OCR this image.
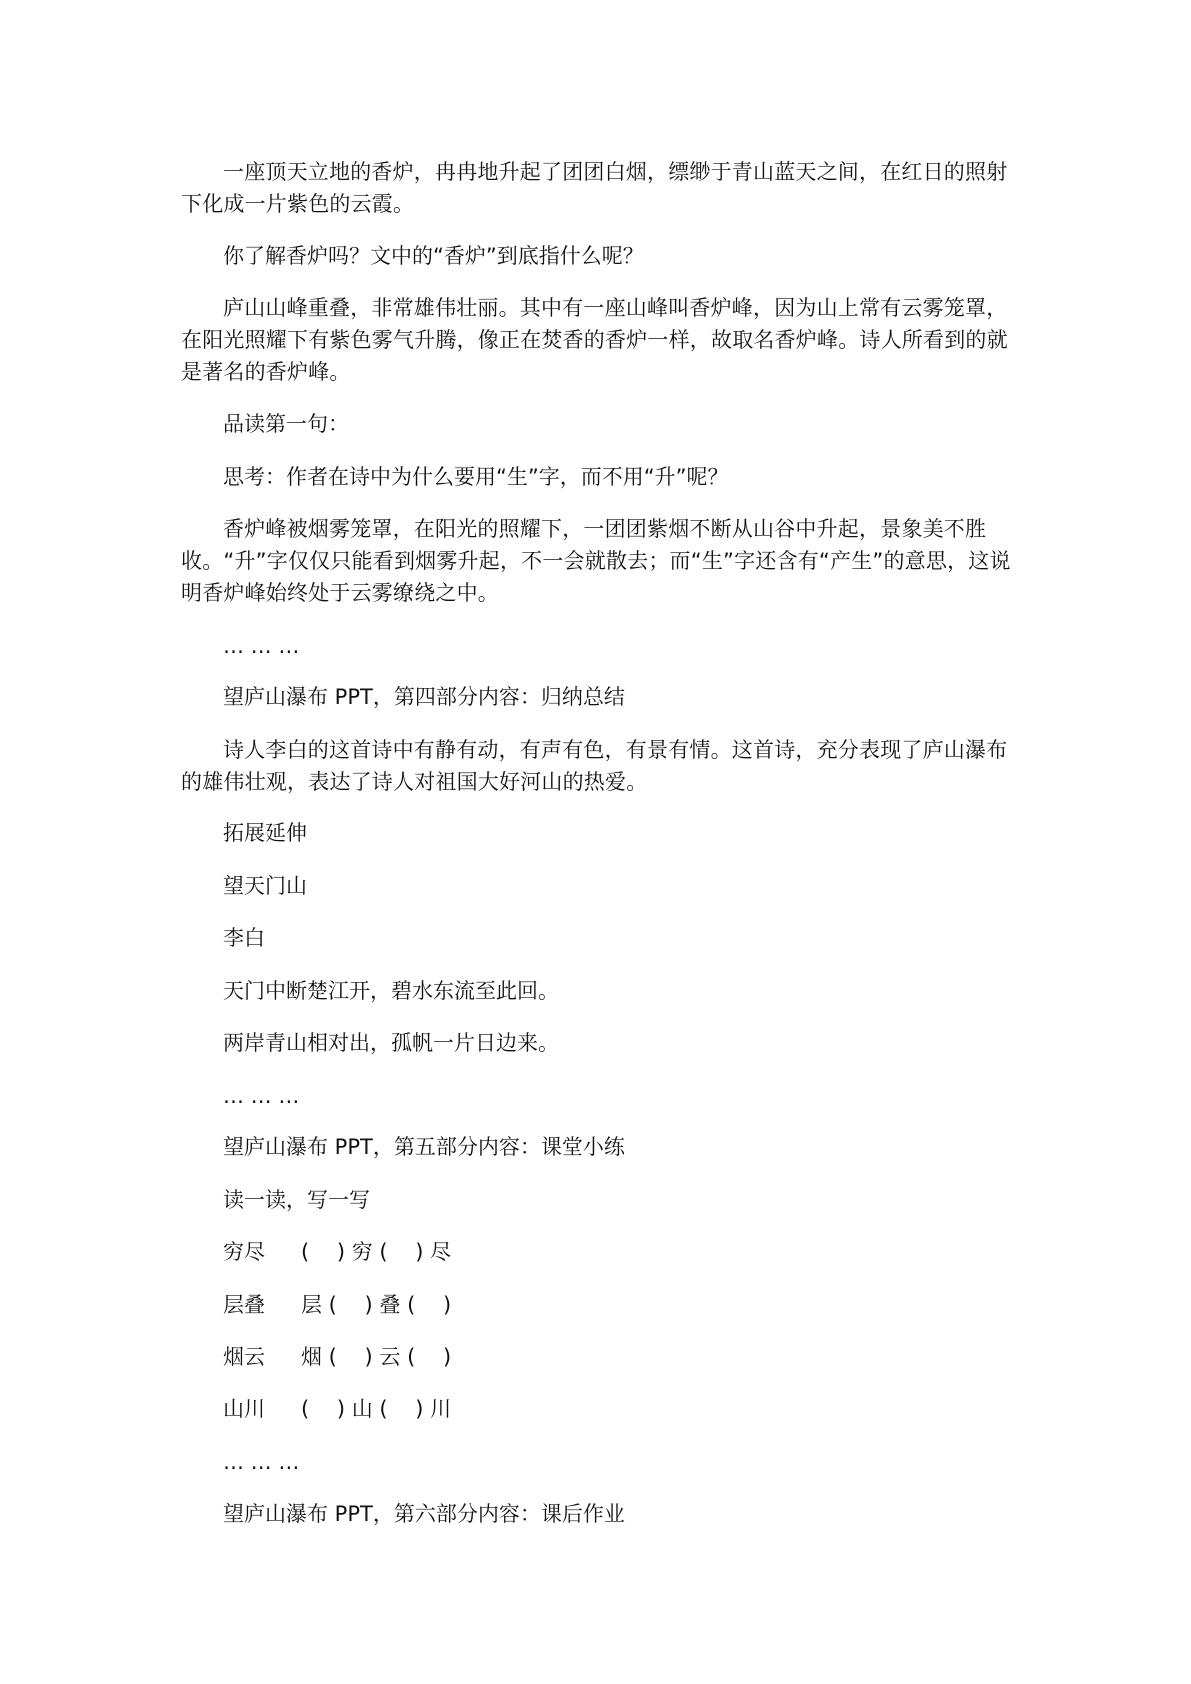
一座顶天立地的香炉，冉冉地升起了团团白烟，缥缈于青山蓝天之间，在红日的照射下化成一片紫色的云霞。

你了解香炉吗？文中的“香炉”到底指什么呢？

庐山山峰重叠，非常雄伟壮丽。其中有一座山峰叫香炉峰，因为山上常有云雾笼罩，在阳光照耀下有紫色雾气升腾，像正在焚香的香炉一样，故取名香炉峰。诗人所看到的就是著名的香炉峰。

品读第一句：

思考：作者在诗中为什么要用“生”字，而不用“升”呢？

香炉峰被烟雾笼罩，在阳光的照耀下，一团团紫烟不断从山谷中升起，景象美不胜收。“升”字仅仅只能看到烟雾升起，不一会就散去；而“生”字还含有“产生”的意思，这说明香炉峰始终处于云雾缭绕之中。

… … …

望庐山瀑布 PPT，第四部分内容：归纳总结

诗人李白的这首诗中有静有动，有声有色，有景有情。这首诗，充分表现了庐山瀑布的雄伟壮观，表达了诗人对祖国大好河山的热爱。

拓展延伸

望天门山

李白

天门中断楚江开，碧水东流至此回。

两岸青山相对出，孤帆一片日边来。

… … …

望庐山瀑布 PPT，第五部分内容：课堂小练

读一读，写一写

穷尽 (　 ) 穷 (　 ) 尽

层叠 层 (　 ) 叠 (　 )

烟云 烟 (　 ) 云 (　 )

山川 (　 ) 山 (　 ) 川

… … …

望庐山瀑布 PPT，第六部分内容：课后作业
